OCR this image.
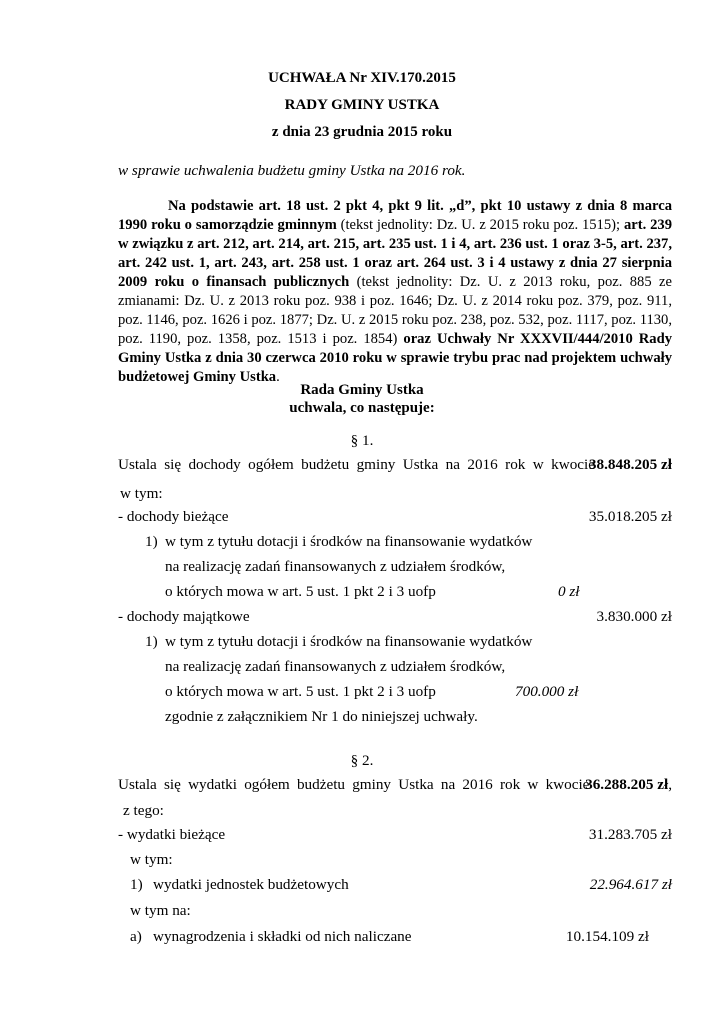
UCHWAŁA Nr XIV.170.2015
RADY GMINY USTKA
z dnia 23 grudnia 2015 roku
w sprawie uchwalenia budżetu gminy Ustka na 2016 rok.
Na podstawie art. 18 ust. 2 pkt 4, pkt 9 lit. „d”, pkt 10 ustawy z dnia 8 marca 1990 roku o samorządzie gminnym (tekst jednolity: Dz. U. z 2015 roku poz. 1515); art. 239 w związku z art. 212, art. 214, art. 215, art. 235 ust. 1 i 4, art. 236 ust. 1 oraz 3-5, art. 237, art. 242 ust. 1, art. 243, art. 258 ust. 1 oraz art. 264 ust. 3 i 4 ustawy z dnia 27 sierpnia 2009 roku o finansach publicznych (tekst jednolity: Dz. U. z 2013 roku, poz. 885 ze zmianami: Dz. U. z 2013 roku poz. 938 i poz. 1646; Dz. U. z 2014 roku poz. 379, poz. 911, poz. 1146, poz. 1626 i poz. 1877; Dz. U. z 2015 roku poz. 238, poz. 532, poz. 1117, poz. 1130, poz. 1190, poz. 1358, poz. 1513 i poz. 1854) oraz Uchwały Nr XXXVII/444/2010 Rady Gminy Ustka z dnia 30 czerwca 2010 roku w sprawie trybu prac nad projektem uchwały budżetowej Gminy Ustka.
Rada Gminy Ustka
uchwala, co następuje:
§ 1.
Ustala się dochody ogółem budżetu gminy Ustka na 2016 rok w kwocie
38.848.205 zł
w tym:
- dochody bieżące	35.018.205 zł
1) w tym z tytułu dotacji i środków na finansowanie wydatków
na realizację zadań finansowanych z udziałem środków,
o których mowa w art. 5 ust. 1 pkt 2 i 3 uofp	0 zł
- dochody majątkowe	3.830.000 zł
1) w tym z tytułu dotacji i środków na finansowanie wydatków
na realizację zadań finansowanych z udziałem środków,
o których mowa w art. 5 ust. 1 pkt 2 i 3 uofp	700.000 zł
zgodnie z załącznikiem Nr 1 do niniejszej uchwały.
§ 2.
Ustala się wydatki ogółem budżetu gminy Ustka na 2016 rok w kwocie
36.288.205 zł,
z tego:
- wydatki bieżące	31.283.705 zł
w tym:
1) wydatki jednostek budżetowych	22.964.617 zł
w tym na:
a) wynagrodzenia i składki od nich naliczane	10.154.109 zł
